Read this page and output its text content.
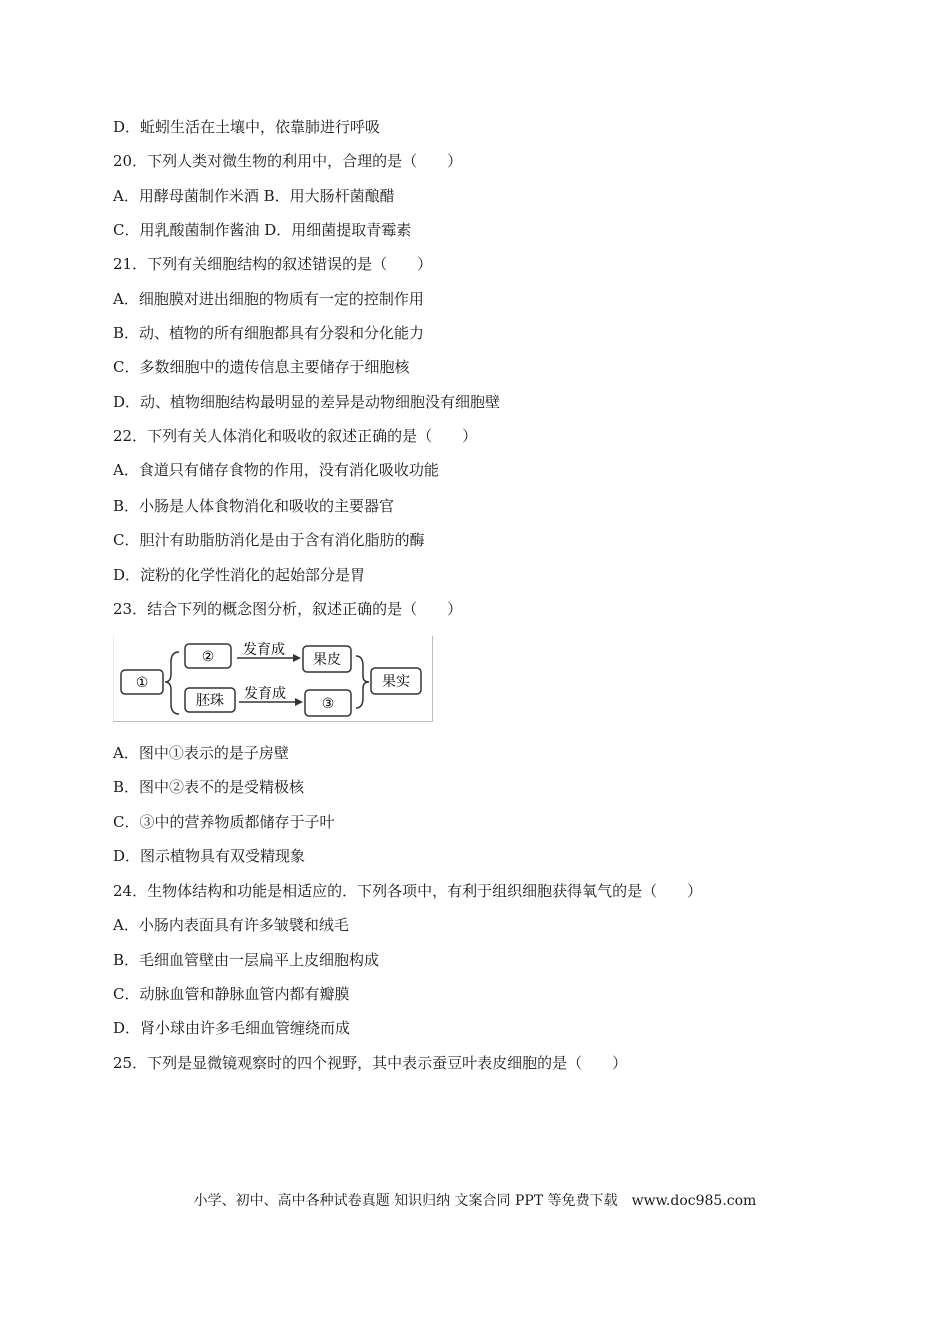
D．蚯蚓生活在土壤中，依靠肺进行呼吸
20．下列人类对微生物的利用中，合理的是（　　）
A．用酵母菌制作米酒 B．用大肠杆菌酿醋
C．用乳酸菌制作酱油 D．用细菌提取青霉素
21．下列有关细胞结构的叙述错误的是（　　）
A．细胞膜对进出细胞的物质有一定的控制作用
B．动、植物的所有细胞都具有分裂和分化能力
C．多数细胞中的遗传信息主要储存于细胞核
D．动、植物细胞结构最明显的差异是动物细胞没有细胞壁
22．下列有关人体消化和吸收的叙述正确的是（　　）
A．食道只有储存食物的作用，没有消化吸收功能
B．小肠是人体食物消化和吸收的主要器官
C．胆汁有助脂肪消化是由于含有消化脂肪的酶
D．淀粉的化学性消化的起始部分是胃
23．结合下列的概念图分析，叙述正确的是（　　）
①
②
胚珠
发育成
发育成
果皮
③
果实
A．图中①表示的是子房壁
B．图中②表不的是受精极核
C．③中的营养物质都储存于子叶
D．图示植物具有双受精现象
24．生物体结构和功能是相适应的．下列各项中，有利于组织细胞获得氧气的是（　　）
A．小肠内表面具有许多皱襞和绒毛
B．毛细血管壁由一层扁平上皮细胞构成
C．动脉血管和静脉血管内都有瓣膜
D．肾小球由许多毛细血管缠绕而成
25．下列是显微镜观察时的四个视野，其中表示蚕豆叶表皮细胞的是（　　）
小学、初中、高中各种试卷真题 知识归纳 文案合同 PPT 等免费下载　www.doc985.com
